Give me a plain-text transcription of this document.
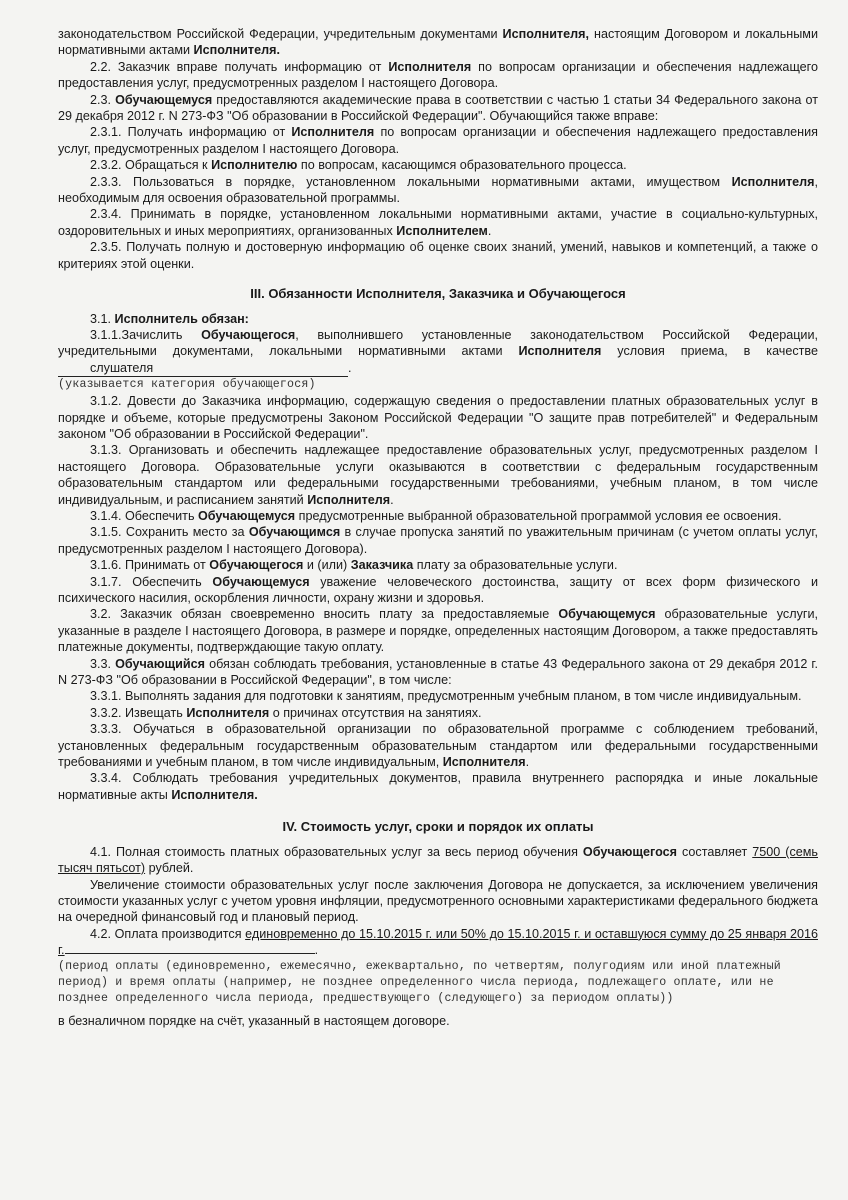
законодательством Российской Федерации, учредительным документами Исполнителя, настоящим Договором и локальными нормативными актами Исполнителя.

2.2. Заказчик вправе получать информацию от Исполнителя по вопросам организации и обеспечения надлежащего предоставления услуг, предусмотренных разделом I настоящего Договора.

2.3. Обучающемуся предоставляются академические права в соответствии с частью 1 статьи 34 Федерального закона от 29 декабря 2012 г. N 273-ФЗ "Об образовании в Российской Федерации". Обучающийся также вправе:

2.3.1. Получать информацию от Исполнителя по вопросам организации и обеспечения надлежащего предоставления услуг, предусмотренных разделом I настоящего Договора.

2.3.2. Обращаться к Исполнителю по вопросам, касающимся образовательного процесса.

2.3.3. Пользоваться в порядке, установленном локальными нормативными актами, имуществом Исполнителя, необходимым для освоения образовательной программы.

2.3.4. Принимать в порядке, установленном локальными нормативными актами, участие в социально-культурных, оздоровительных и иных мероприятиях, организованных Исполнителем.

2.3.5. Получать полную и достоверную информацию об оценке своих знаний, умений, навыков и компетенций, а также о критериях этой оценки.

III. Обязанности Исполнителя, Заказчика и Обучающегося

3.1. Исполнитель обязан:

3.1.1.Зачислить Обучающегося, выполнившего установленные законодательством Российской Федерации, учредительными документами, локальными нормативными актами Исполнителя условия приема, в качестве слушателя	.

(указывается категория обучающегося)

3.1.2. Довести до Заказчика информацию, содержащую сведения о предоставлении платных образовательных услуг в порядке и объеме, которые предусмотрены Законом Российской Федерации "О защите прав потребителей" и Федеральным законом "Об образовании в Российской Федерации".

3.1.3. Организовать и обеспечить надлежащее предоставление образовательных услуг, предусмотренных разделом I настоящего Договора. Образовательные услуги оказываются в соответствии с федеральным государственным образовательным стандартом или федеральными государственными требованиями, учебным планом, в том числе индивидуальным, и расписанием занятий Исполнителя.

3.1.4. Обеспечить Обучающемуся предусмотренные выбранной образовательной программой условия ее освоения.

3.1.5. Сохранить место за Обучающимся в случае пропуска занятий по уважительным причинам (с учетом оплаты услуг, предусмотренных разделом I настоящего Договора).

3.1.6. Принимать от Обучающегося и (или) Заказчика плату за образовательные услуги.

3.1.7. Обеспечить Обучающемуся уважение человеческого достоинства, защиту от всех форм физического и психического насилия, оскорбления личности, охрану жизни и здоровья.

3.2. Заказчик обязан своевременно вносить плату за предоставляемые Обучающемуся образовательные услуги, указанные в разделе I настоящего Договора, в размере и порядке, определенных настоящим Договором, а также предоставлять платежные документы, подтверждающие такую оплату.

3.3. Обучающийся обязан соблюдать требования, установленные в статье 43 Федерального закона от 29 декабря 2012 г. N 273-ФЗ "Об образовании в Российской Федерации", в том числе:

3.3.1. Выполнять задания для подготовки к занятиям, предусмотренным учебным планом, в том числе индивидуальным.

3.3.2. Извещать Исполнителя о причинах отсутствия на занятиях.

3.3.3. Обучаться в образовательной организации по образовательной программе с соблюдением требований, установленных федеральным государственным образовательным стандартом или федеральными государственными требованиями и учебным планом, в том числе индивидуальным, Исполнителя.

3.3.4. Соблюдать требования учредительных документов, правила внутреннего распорядка и иные локальные нормативные акты Исполнителя.

IV. Стоимость услуг, сроки и порядок их оплаты

4.1. Полная стоимость платных образовательных услуг за весь период обучения Обучающегося составляет 7500 (семь тысяч пятьсот) рублей.

Увеличение стоимости образовательных услуг после заключения Договора не допускается, за исключением увеличения стоимости указанных услуг с учетом уровня инфляции, предусмотренного основными характеристиками федерального бюджета на очередной финансовый год и плановый период.

4.2. Оплата производится единовременно до 15.10.2015 г. или 50% до 15.10.2015 г. и оставшуюся сумму до 25 января 2016 г.	.

(период оплаты (единовременно, ежемесячно, ежеквартально, по четвертям, полугодиям или иной платежный период) и время оплаты (например, не позднее определенного числа периода, подлежащего оплате, или не позднее определенного числа периода, предшествующего (следующего) за периодом оплаты))

в безналичном порядке на счёт, указанный в настоящем договоре.
